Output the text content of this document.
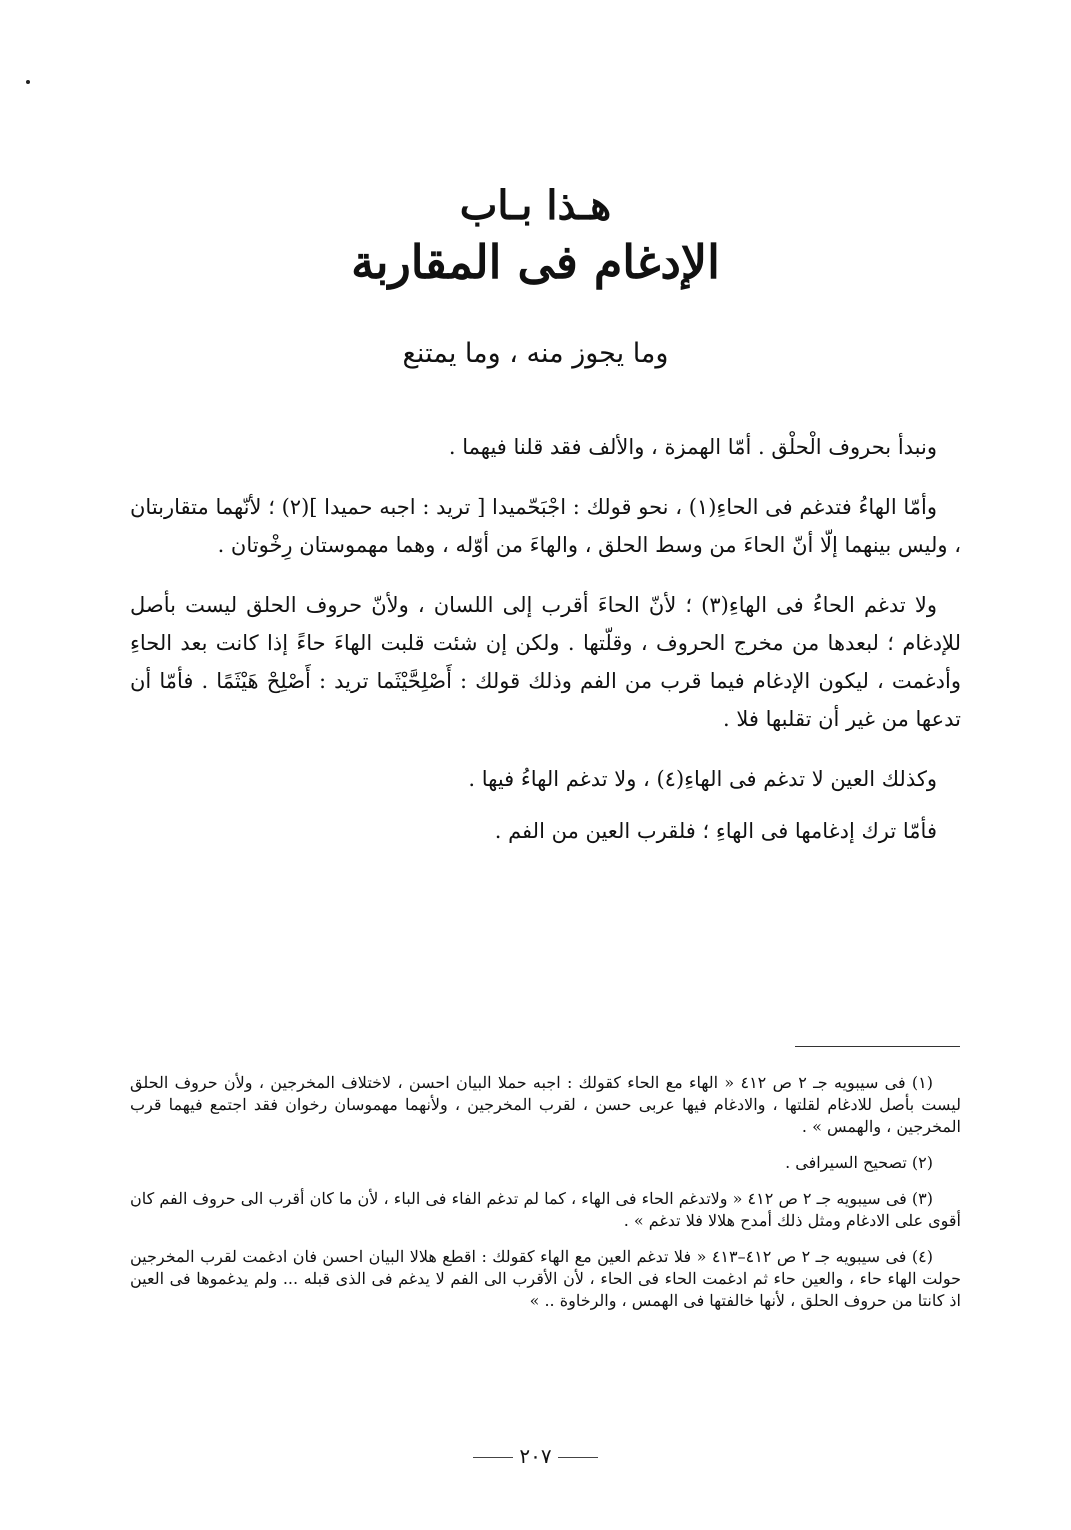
هـذا بـاب
الإدغام فى المقاربة
وما يجوز منه ، وما يمتنع

ونبدأ بحروف الْحلْق . أمّا الهمزة ، والألف فقد قلنا فيهما .

وأمّا الهاءُ فتدغم فى الحاءِ(١) ، نحو قولك : اجْبَحّميدا [ تريد : اجبه حميدا ](٢) ؛ لأنّهما متقاربتان ، وليس بينهما إلّا أنّ الحاءَ من وسط الحلق ، والهاءَ من أوّله ، وهما مهموستان رِخْوتان .

ولا تدغم الحاءُ فى الهاءِ(٣) ؛ لأنّ الحاءَ أقرب إلى اللسان ، ولأنّ حروف الحلق ليست بأصل للإدغام ؛ لبعدها من مخرج الحروف ، وقلّتها . ولكن إن شئت قلبت الهاءَ حاءً إذا كانت بعد الحاءِ وأدغمت ، ليكون الإدغام فيما قرب من الفم وذلك قولك : أَصْلِحَّيْثَما تريد : أَصْلِحْ هَيْثَمًا . فأمّا أن تدعها من غير أن تقلبها فلا .

وكذلك العين لا تدغم فى الهاءِ(٤) ، ولا تدغم الهاءُ فيها .

فأمّا ترك إدغامها فى الهاءِ ؛ فلقرب العين من الفم .

(١) فى سيبويه جـ ٢ ص ٤١٢ « الهاء مع الحاء كقولك : اجبه حملا البيان احسن ، لاختلاف المخرجين ، ولأن حروف الحلق ليست بأصل للادغام لقلتها ، والادغام فيها عربى حسن ، لقرب المخرجين ، ولأنهما مهموسان رخوان فقد اجتمع فيهما قرب المخرجين ، والهمس » .

(٢) تصحيح السيرافى .

(٣) فى سيبويه جـ ٢ ص ٤١٢ « ولاتدغم الحاء فى الهاء ، كما لم تدغم الفاء فى الباء ، لأن ما كان أقرب الى حروف الفم كان أقوى على الادغام ومثل ذلك أمدح هلالا فلا تدغم » .

(٤) فى سيبويه جـ ٢ ص ٤١٢–٤١٣ « فلا تدغم العين مع الهاء كقولك : اقطع هلالا البيان احسن فان ادغمت لقرب المخرجين حولت الهاء حاء ، والعين حاء ثم ادغمت الحاء فى الحاء ، لأن الأقرب الى الفم لا يدغم فى الذى قبله ... ولم يدغموها فى العين اذ كانتا من حروف الحلق ، لأنها خالفتها فى الهمس ، والرخاوة .. »

٢٠٧
